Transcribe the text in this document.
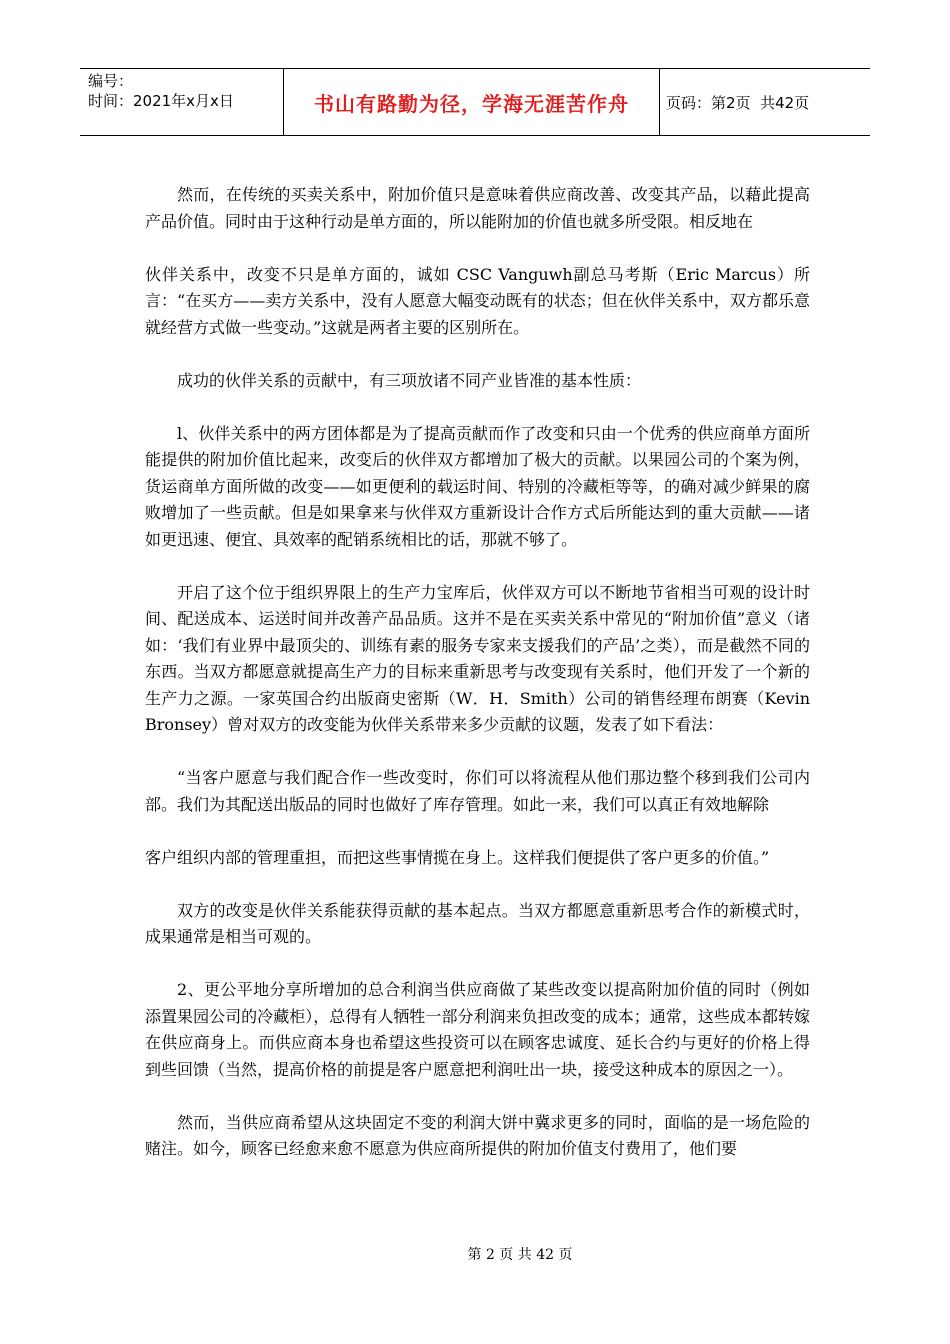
编号：
时间：2021年x月x日	书山有路勤为径，学海无涯苦作舟 页码：第2页  共42页

然而，在传统的买卖关系中，附加价值只是意味着供应商改善、改变其产品，以藉此提高产品价值。同时由于这种行动是单方面的，所以能附加的价值也就多所受限。相反地在

伙伴关系中，改变不只是单方面的，诚如 CSC Vanguwh副总马考斯（Eric Marcus）所言：“在买方——卖方关系中，没有人愿意大幅变动既有的状态；但在伙伴关系中，双方都乐意就经营方式做一些变动。”这就是两者主要的区别所在。

成功的伙伴关系的贡献中，有三项放诸不同产业皆准的基本性质：

l、伙伴关系中的两方团体都是为了提高贡献而作了改变和只由一个优秀的供应商单方面所能提供的附加价值比起来，改变后的伙伴双方都增加了极大的贡献。以果园公司的个案为例，货运商单方面所做的改变——如更便利的载运时间、特别的冷藏柜等等，的确对减少鲜果的腐败增加了一些贡献。但是如果拿来与伙伴双方重新设计合作方式后所能达到的重大贡献——诸如更迅速、便宜、具效率的配销系统相比的话，那就不够了。

开启了这个位于组织界限上的生产力宝库后，伙伴双方可以不断地节省相当可观的设计时间、配送成本、运送时间并改善产品品质。这并不是在买卖关系中常见的“附加价值”意义（诸如：‘我们有业界中最顶尖的、训练有素的服务专家来支援我们的产品’之类），而是截然不同的东西。当双方都愿意就提高生产力的目标来重新思考与改变现有关系时，他们开发了一个新的生产力之源。一家英国合约出版商史密斯（W．H．Smith）公司的销售经理布朗赛（Kevin Bronsey）曾对双方的改变能为伙伴关系带来多少贡献的议题，发表了如下看法：

“当客户愿意与我们配合作一些改变时，你们可以将流程从他们那边整个移到我们公司内部。我们为其配送出版品的同时也做好了库存管理。如此一来，我们可以真正有效地解除

客户组织内部的管理重担，而把这些事情揽在身上。这样我们便提供了客户更多的价值。”

双方的改变是伙伴关系能获得贡献的基本起点。当双方都愿意重新思考合作的新模式时，成果通常是相当可观的。

2、更公平地分享所增加的总合利润当供应商做了某些改变以提高附加价值的同时（例如添置果园公司的冷藏柜），总得有人牺牲一部分利润来负担改变的成本；通常，这些成本都转嫁在供应商身上。而供应商本身也希望这些投资可以在顾客忠诚度、延长合约与更好的价格上得到些回馈（当然，提高价格的前提是客户愿意把利润吐出一块，接受这种成本的原因之一）。

然而，当供应商希望从这块固定不变的利润大饼中冀求更多的同时，面临的是一场危险的赌注。如今，顾客已经愈来愈不愿意为供应商所提供的附加价值支付费用了，他们要

第 2 页 共 42 页
